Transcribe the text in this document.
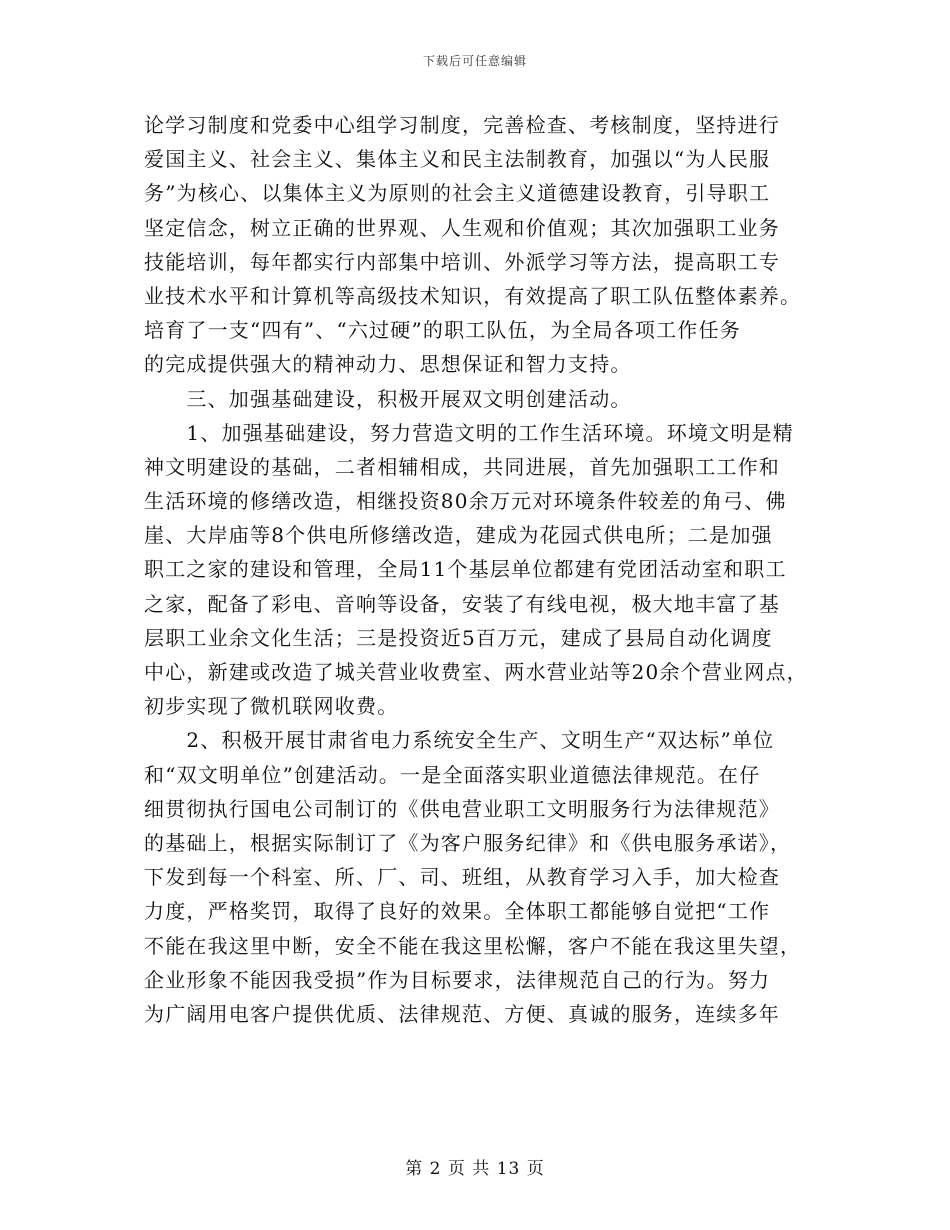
下载后可任意编辑
论学习制度和党委中心组学习制度，完善检查、考核制度，坚持进行
爱国主义、社会主义、集体主义和民主法制教育，加强以“为人民服
务”为核心、以集体主义为原则的社会主义道德建设教育，引导职工
坚定信念，树立正确的世界观、人生观和价值观；其次加强职工业务
技能培训，每年都实行内部集中培训、外派学习等方法，提高职工专
业技术水平和计算机等高级技术知识，有效提高了职工队伍整体素养。
培育了一支“四有”、“六过硬”的职工队伍，为全局各项工作任务
的完成提供强大的精神动力、思想保证和智力支持。
　　三、加强基础建设，积极开展双文明创建活动。
　　1、加强基础建设，努力营造文明的工作生活环境。环境文明是精
神文明建设的基础，二者相辅相成，共同进展，首先加强职工工作和
生活环境的修缮改造，相继投资80余万元对环境条件较差的角弓、佛
崖、大岸庙等8个供电所修缮改造，建成为花园式供电所；二是加强
职工之家的建设和管理，全局11个基层单位都建有党团活动室和职工
之家，配备了彩电、音响等设备，安装了有线电视，极大地丰富了基
层职工业余文化生活；三是投资近5百万元，建成了县局自动化调度
中心，新建或改造了城关营业收费室、两水营业站等20余个营业网点，
初步实现了微机联网收费。
　　2、积极开展甘肃省电力系统安全生产、文明生产“双达标”单位
和“双文明单位”创建活动。一是全面落实职业道德法律规范。在仔
细贯彻执行国电公司制订的《供电营业职工文明服务行为法律规范》
的基础上，根据实际制订了《为客户服务纪律》和《供电服务承诺》，
下发到每一个科室、所、厂、司、班组，从教育学习入手，加大检查
力度，严格奖罚，取得了良好的效果。全体职工都能够自觉把“工作
不能在我这里中断，安全不能在我这里松懈，客户不能在我这里失望，
企业形象不能因我受损”作为目标要求，法律规范自己的行为。努力
为广阔用电客户提供优质、法律规范、方便、真诚的服务，连续多年
第 2 页 共 13 页
